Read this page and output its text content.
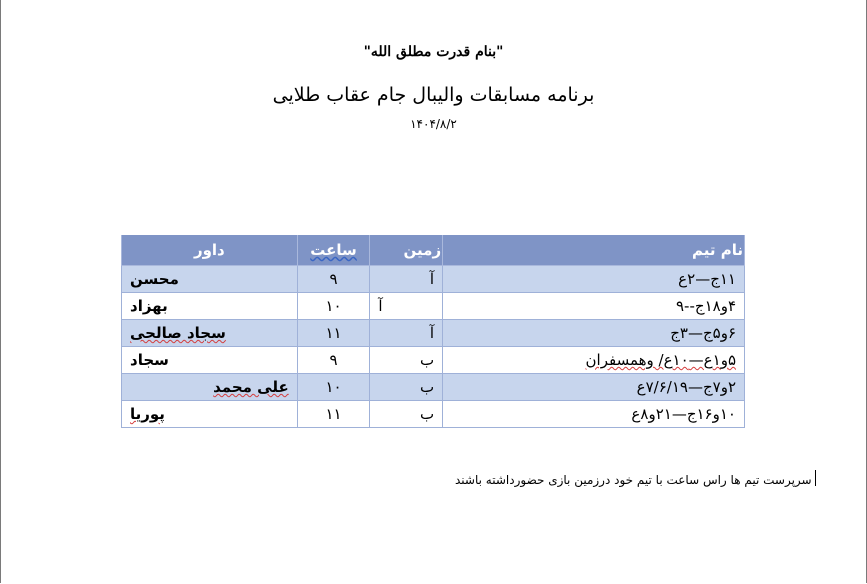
"بنام قدرت مطلق الله"
برنامه مسابقات والیبال جام عقاب طلایی
۱۴۰۴/۸/۲
نام تیم	زمین	ساعت	داور
۱۱ج—۲ع	آ	۹	محسن
۴و۱۸ج--۹	آ	۱۰	بهزاد
۶و۵ج—۳ج	آ	۱۱	سجاد صالحی
۵و۱ع—۱۰ع/ وهمسفران	ب	۹	سجاد
۲و۷ج—۷/۶/۱۹ع	ب	۱۰	علی محمد
۱۰و۱۶ج—۲۱و۸ع	ب	۱۱	پوریا
سرپرست تیم ها راس ساعت با تیم خود درزمین بازی حضورداشته باشند
